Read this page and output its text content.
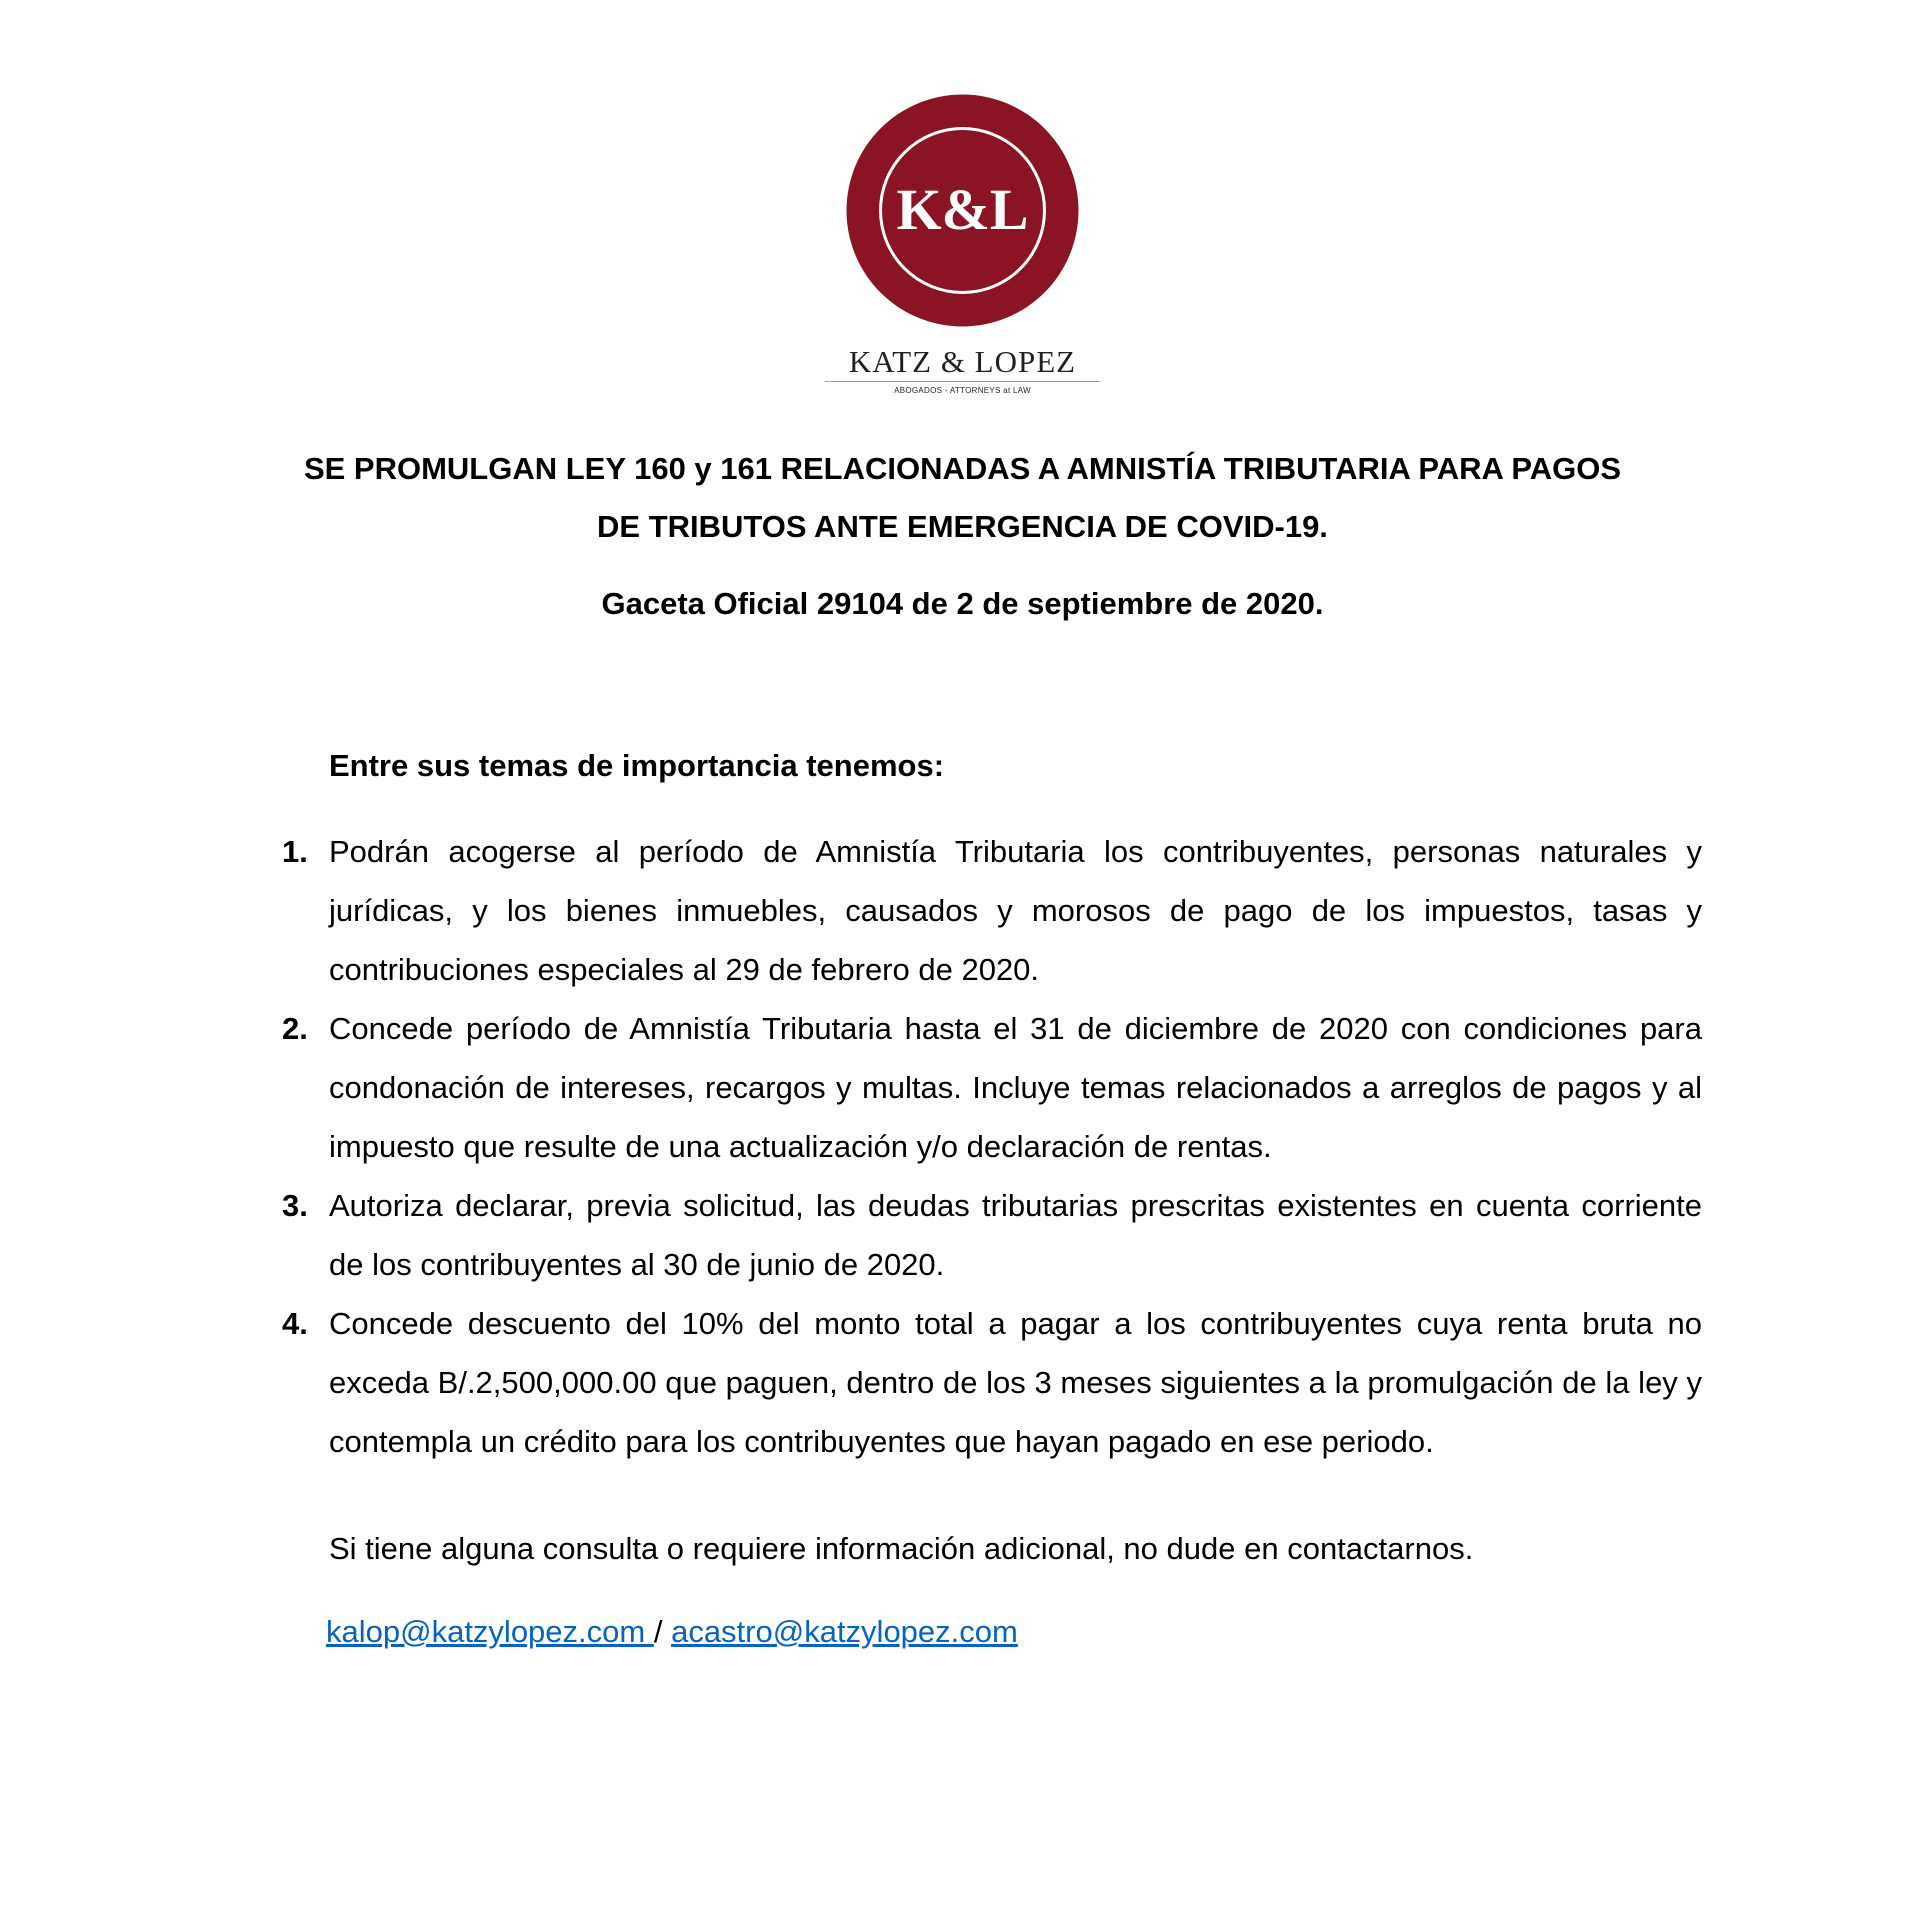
K&L
KATZ & LOPEZ
ABOGADOS - ATTORNEYS at LAW
SE PROMULGAN LEY 160 y 161 RELACIONADAS A AMNISTÍA TRIBUTARIA PARA PAGOS
DE TRIBUTOS ANTE EMERGENCIA DE COVID-19.

Gaceta Oficial 29104 de 2 de septiembre de 2020.

Entre sus temas de importancia tenemos:

1. Podrán acogerse al período de Amnistía Tributaria los contribuyentes, personas naturales y jurídicas, y los bienes inmuebles, causados y morosos de pago de los impuestos, tasas y contribuciones especiales al 29 de febrero de 2020.
2. Concede período de Amnistía Tributaria hasta el 31 de diciembre de 2020 con condiciones para condonación de intereses, recargos y multas. Incluye temas relacionados a arreglos de pagos y al impuesto que resulte de una actualización y/o declaración de rentas.
3. Autoriza declarar, previa solicitud, las deudas tributarias prescritas existentes en cuenta corriente de los contribuyentes al 30 de junio de 2020.
4. Concede descuento del 10% del monto total a pagar a los contribuyentes cuya renta bruta no exceda B/.2,500,000.00 que paguen, dentro de los 3 meses siguientes a la promulgación de la ley y contempla un crédito para los contribuyentes que hayan pagado en ese periodo.

Si tiene alguna consulta o requiere información adicional, no dude en contactarnos.

kalop@katzylopez.com / acastro@katzylopez.com
